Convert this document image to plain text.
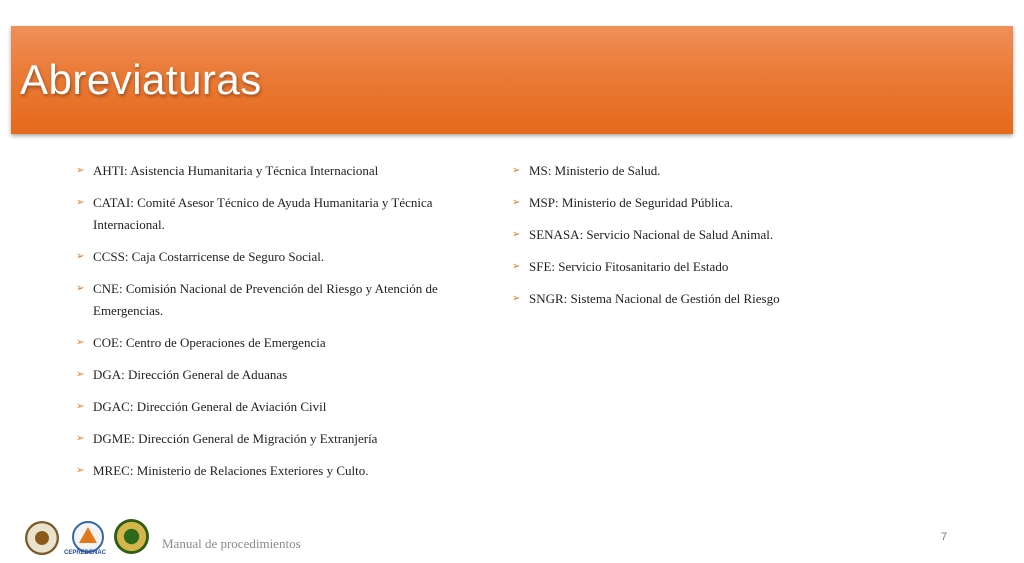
Abreviaturas
➢ AHTI: Asistencia Humanitaria y Técnica Internacional
➢ CATAI: Comité Asesor Técnico de Ayuda Humanitaria y Técnica Internacional.
➢ CCSS: Caja Costarricense de Seguro Social.
➢ CNE: Comisión Nacional de Prevención del Riesgo y Atención de Emergencias.
➢ COE: Centro de Operaciones de Emergencia
➢ DGA: Dirección General de Aduanas
➢ DGAC: Dirección General de Aviación Civil
➢ DGME: Dirección General de Migración y Extranjería
➢ MREC: Ministerio de Relaciones Exteriores y Culto.
➢ MS: Ministerio de Salud.
➢ MSP: Ministerio de Seguridad Pública.
➢ SENASA: Servicio Nacional de Salud Animal.
➢ SFE: Servicio Fitosanitario del Estado
➢ SNGR: Sistema Nacional de Gestión del Riesgo
CEPREDENAC
Manual de procedimientos	7
